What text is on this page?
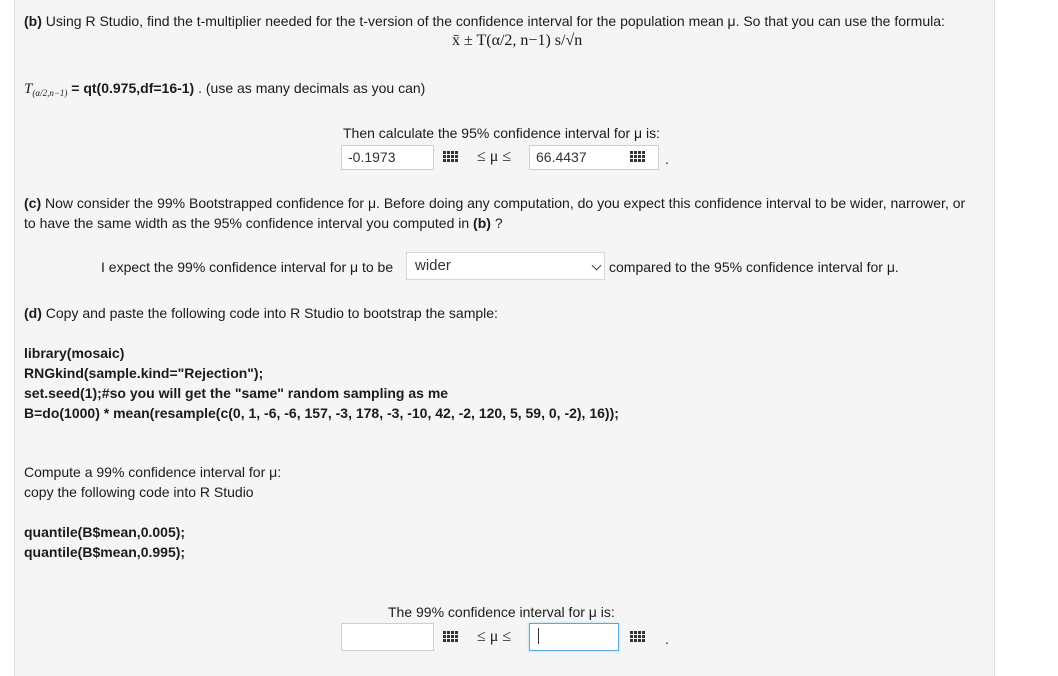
(b) Using R Studio, find the t-multiplier needed for the t-version of the confidence interval for the population mean μ. So that you can use the formula:
x̄ ± T(α/2, n−1) s/√n
$T_{(\alpha/2,n-1)} = qt(0.975,df=16-1)$ . (use as many decimals as you can)
Then calculate the 95% confidence interval for μ is:
-0.1973	≤ μ ≤	66.4437	.
(c) Now consider the 99% Bootstrapped confidence for μ. Before doing any computation, do you expect this confidence interval to be wider, narrower, or
to have the same width as the 95% confidence interval you computed in (b) ?
I expect the 99% confidence interval for μ to be	wider	compared to the 95% confidence interval for μ.
(d) Copy and paste the following code into R Studio to bootstrap the sample:
library(mosaic)
RNGkind(sample.kind="Rejection");
set.seed(1);#so you will get the "same" random sampling as me
B=do(1000) * mean(resample(c(0, 1, -6, -6, 157, -3, 178, -3, -10, 42, -2, 120, 5, 59, 0, -2), 16));
Compute a 99% confidence interval for μ:
copy the following code into R Studio
quantile(B$mean,0.005);
quantile(B$mean,0.995);
The 99% confidence interval for μ is:
≤ μ ≤	.
